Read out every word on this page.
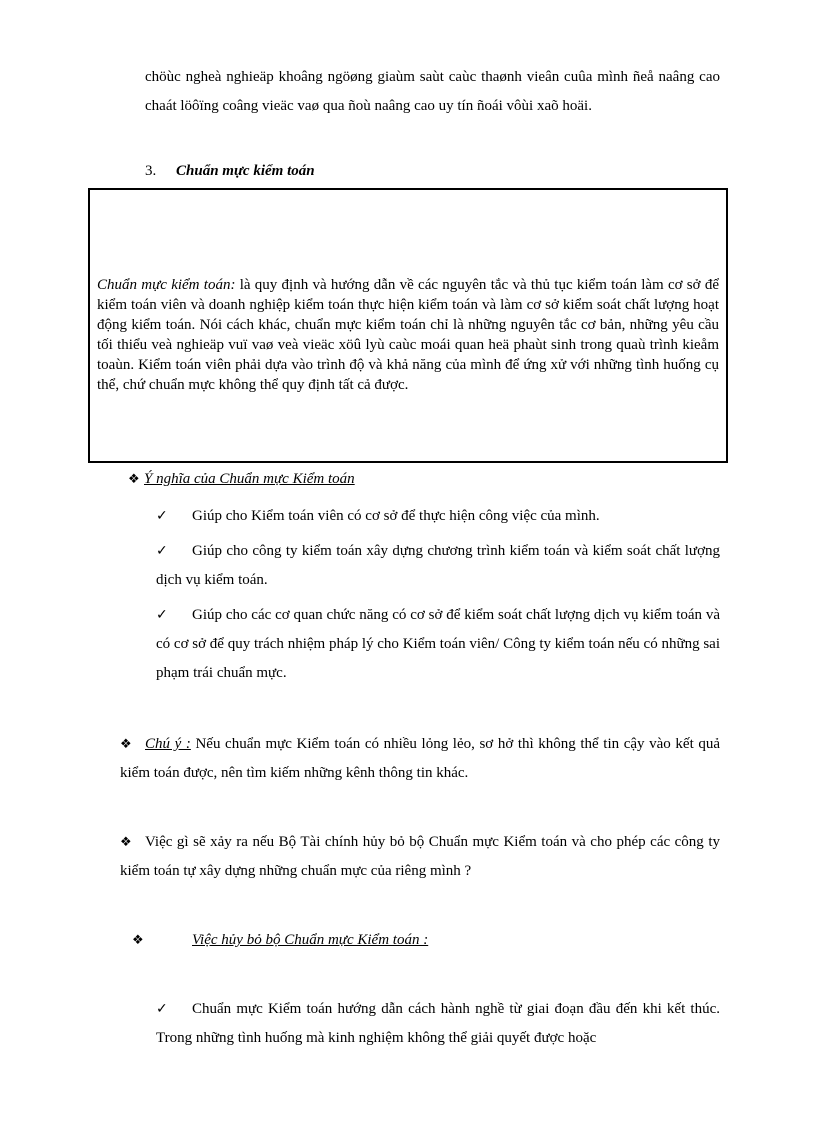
chöùc ngheà nghieäp khoâng ngöøng giaùm saùt caùc thaønh vieân cuûa mình ñeå naâng cao chaát löôïng coâng vieäc vaø qua ñoù naâng cao uy tín ñoái vôùi xaõ hoäi.

3. Chuẩn mực kiểm toán

Chuẩn mực kiểm toán: là quy định và hướng dẫn về các nguyên tắc và thủ tục kiểm toán làm cơ sở để kiểm toán viên và doanh nghiệp kiểm toán thực hiện kiểm toán và làm cơ sở kiểm soát chất lượng hoạt động kiểm toán. Nói cách khác, chuẩn mực kiểm toán chỉ là những nguyên tắc cơ bản, những yêu cầu tối thiểu veà nghieäp vuï vaø veà vieäc xöû lyù caùc moái quan heä phaùt sinh trong quaù trình kieåm toaùn. Kiểm toán viên phải dựa vào trình độ và khả năng của mình để ứng xử với những tình huống cụ thể, chứ chuẩn mực không thể quy định tất cả được.

❖ Ý nghĩa của Chuẩn mực Kiểm toán

✓ Giúp cho Kiểm toán viên có cơ sở để thực hiện công việc của mình.

✓ Giúp cho công ty kiểm toán xây dựng chương trình kiểm toán và kiểm soát chất lượng dịch vụ kiểm toán.

✓ Giúp cho các cơ quan chức năng có cơ sở để kiểm soát chất lượng dịch vụ kiểm toán và có cơ sở để quy trách nhiệm pháp lý cho Kiểm toán viên/ Công ty kiểm toán nếu có những sai phạm trái chuẩn mực.

❖ Chú ý : Nếu chuẩn mực Kiểm toán có nhiều lỏng lẻo, sơ hở thì không thể tin cậy vào kết quả kiểm toán được, nên tìm kiếm những kênh thông tin khác.

❖ Việc gì sẽ xảy ra nếu Bộ Tài chính hủy bỏ bộ Chuẩn mực Kiểm toán và cho phép các công ty kiểm toán tự xây dựng những chuẩn mực của riêng mình ?

❖	Việc hủy bỏ bộ Chuẩn mực Kiểm toán :

✓ Chuẩn mực Kiểm toán hướng dẫn cách hành nghề từ giai đoạn đầu đến khi kết thúc. Trong những tình huống mà kinh nghiệm không thể giải quyết được hoặc
